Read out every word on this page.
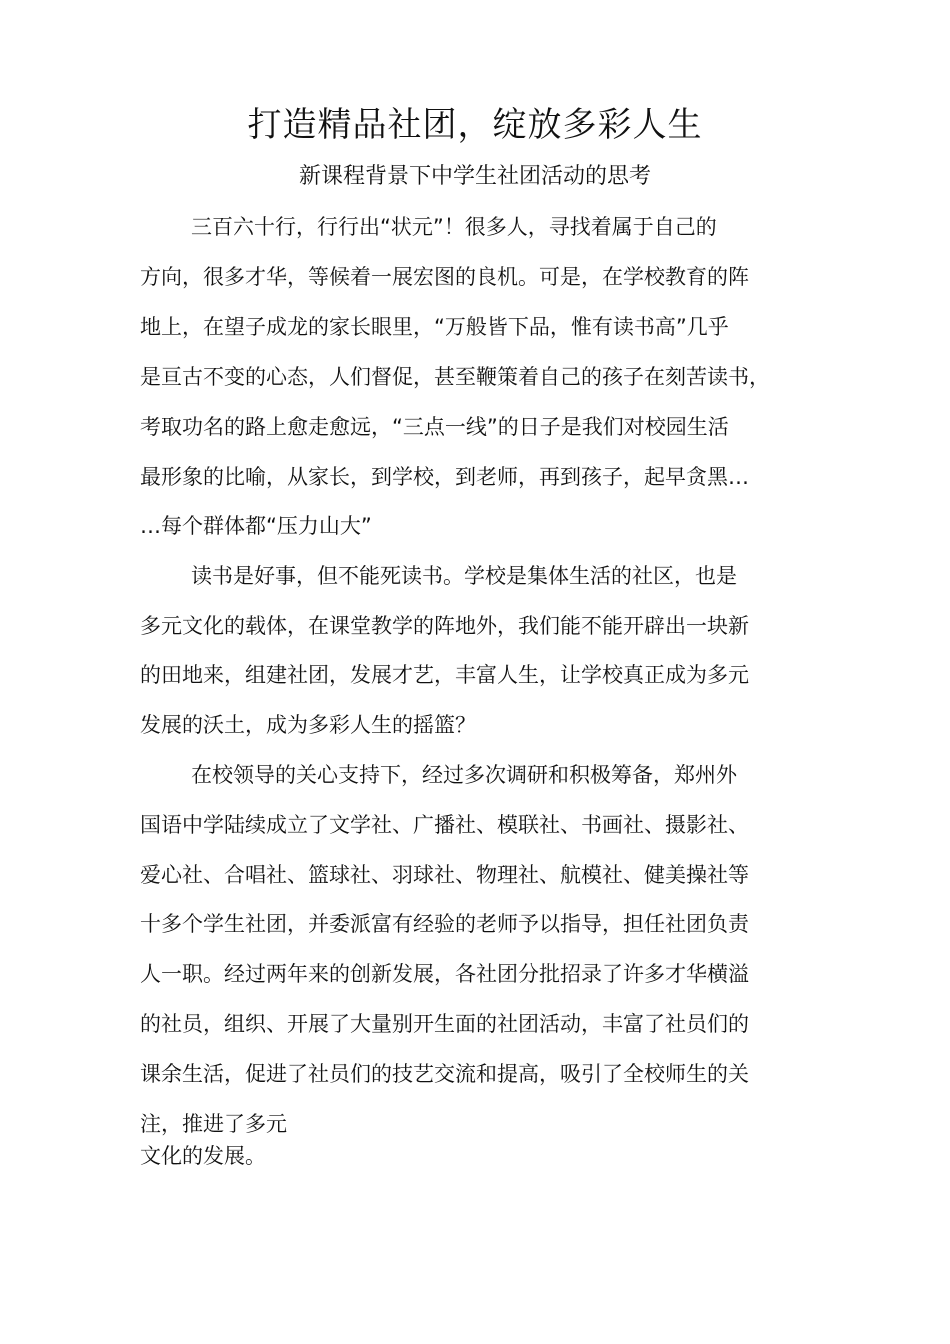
打造精品社团，绽放多彩人生
新课程背景下中学生社团活动的思考
三百六十行，行行出“状元”！很多人，寻找着属于自己的
方向，很多才华，等候着一展宏图的良机。可是，在学校教育的阵
地上，在望子成龙的家长眼里，“万般皆下品，惟有读书高”几乎
是亘古不变的心态，人们督促，甚至鞭策着自己的孩子在刻苦读书，
考取功名的路上愈走愈远，“三点一线”的日子是我们对校园生活
最形象的比喻，从家长，到学校，到老师，再到孩子，起早贪黑…
…每个群体都“压力山大”
读书是好事，但不能死读书。学校是集体生活的社区，也是
多元文化的载体，在课堂教学的阵地外，我们能不能开辟出一块新
的田地来，组建社团，发展才艺，丰富人生，让学校真正成为多元
发展的沃土，成为多彩人生的摇篮？
在校领导的关心支持下，经过多次调研和积极筹备，郑州外
国语中学陆续成立了文学社、广播社、模联社、书画社、摄影社、
爱心社、合唱社、篮球社、羽球社、物理社、航模社、健美操社等
十多个学生社团，并委派富有经验的老师予以指导，担任社团负责
人一职。经过两年来的创新发展，各社团分批招录了许多才华横溢
的社员，组织、开展了大量别开生面的社团活动，丰富了社员们的
课余生活，促进了社员们的技艺交流和提高，吸引了全校师生的关
注，推进了多元
文化的发展。
